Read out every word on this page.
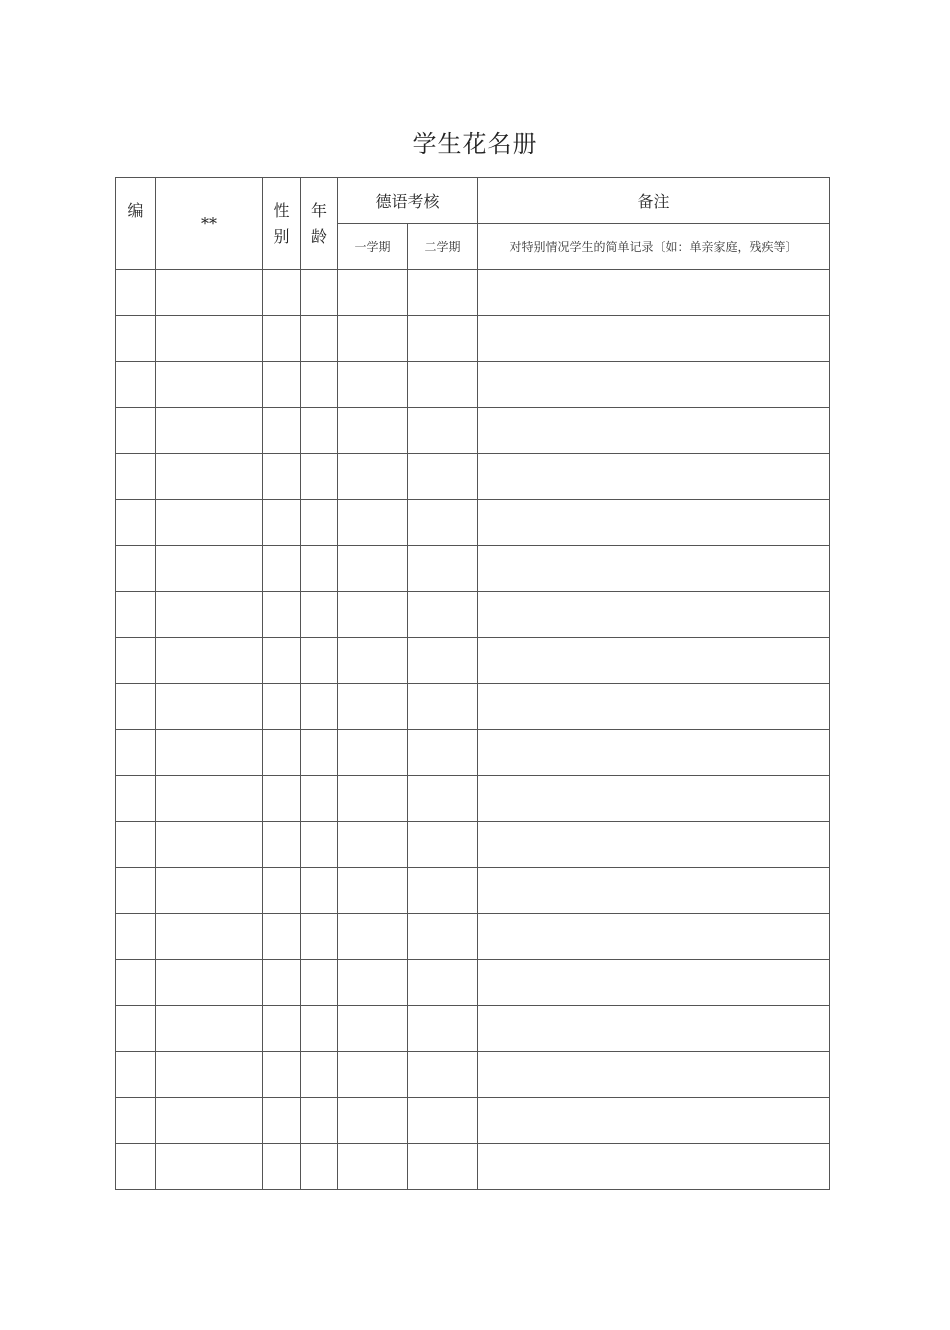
学生花名册
编	**	性别	年龄	德语考核		备注
				一学期	二学期	对特别情况学生的简单记录〔如：单亲家庭，残疾等〕
